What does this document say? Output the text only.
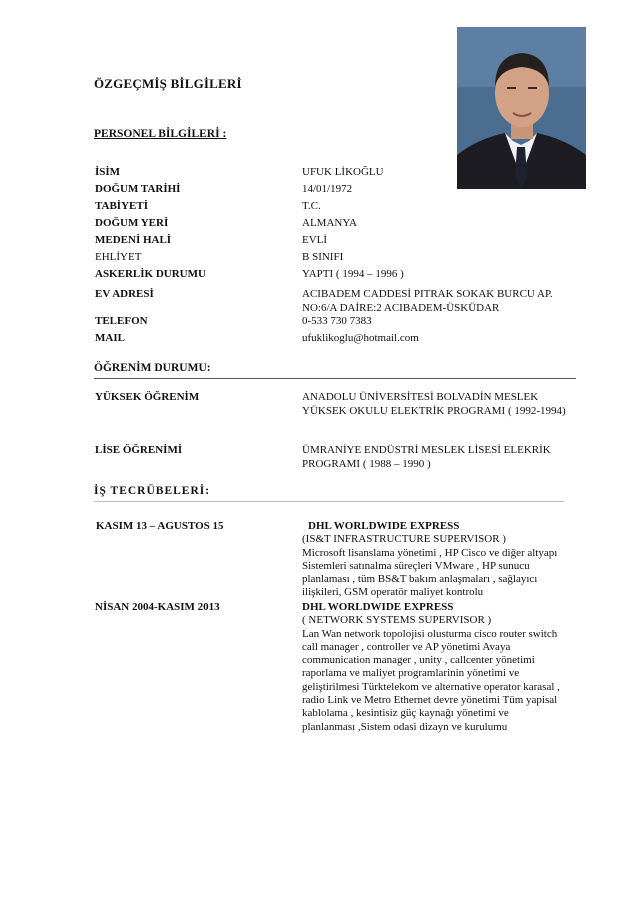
ÖZGEÇMİŞ BİLGİLERİ
PERSONEL BİLGİLERİ :
İSİM	UFUK LİKOĞLU
DOĞUM TARİHİ	14/01/1972
TABİYETİ	T.C.
DOĞUM YERİ	ALMANYA
MEDENİ HALİ	EVLİ
EHLİYET	B SINIFI
ASKERLİK DURUMU	YAPTI ( 1994 – 1996 )
EV ADRESİ	ACIBADEM CADDESİ PITRAK SOKAK BURCU AP. NO:6/A DAİRE:2 ACIBADEM-ÜSKÜDAR
TELEFON	0-533 730 7383
MAIL	ufuklikoglu@hotmail.com
ÖĞRENİM DURUMU:
YÜKSEK ÖĞRENİM	ANADOLU ÜNİVERSİTESİ BOLVADİN MESLEK YÜKSEK OKULU ELEKTRİK PROGRAMI ( 1992-1994)
LİSE ÖĞRENİMİ	ÜMRANİYE ENDÜSTRİ MESLEK LİSESİ ELEKRİK PROGRAMI ( 1988 – 1990 )
İŞ TECRÜBELERİ:
KASIM 13 – AGUSTOS 15	DHL WORLDWIDE EXPRESS
(IS&T INFRASTRUCTURE SUPERVISOR )
Microsoft lisanslama yönetimi , HP Cisco ve diğer altyapı Sistemleri satınalma süreçleri VMware , HP sunucu planlaması , tüm BS&T bakım anlaşmaları , sağlayıcı ilişkileri, GSM operatör maliyet kontrolu
NİSAN 2004-KASIM 2013	DHL WORLDWIDE EXPRESS
( NETWORK SYSTEMS SUPERVISOR )
Lan Wan network topolojisi olusturma cisco router switch call manager , controller ve AP yönetimi Avaya communication manager , unity , callcenter yönetimi raporlama ve maliyet programlarinin yönetimi ve geliştirilmesi Türktelekom ve alternative operator karasal , radio Link ve Metro Ethernet devre yönetimi Tüm yapisal kablolama , kesintisiz güç kaynağı yönetimi ve planlanması ,Sistem odasi dizayn ve kurulumu
